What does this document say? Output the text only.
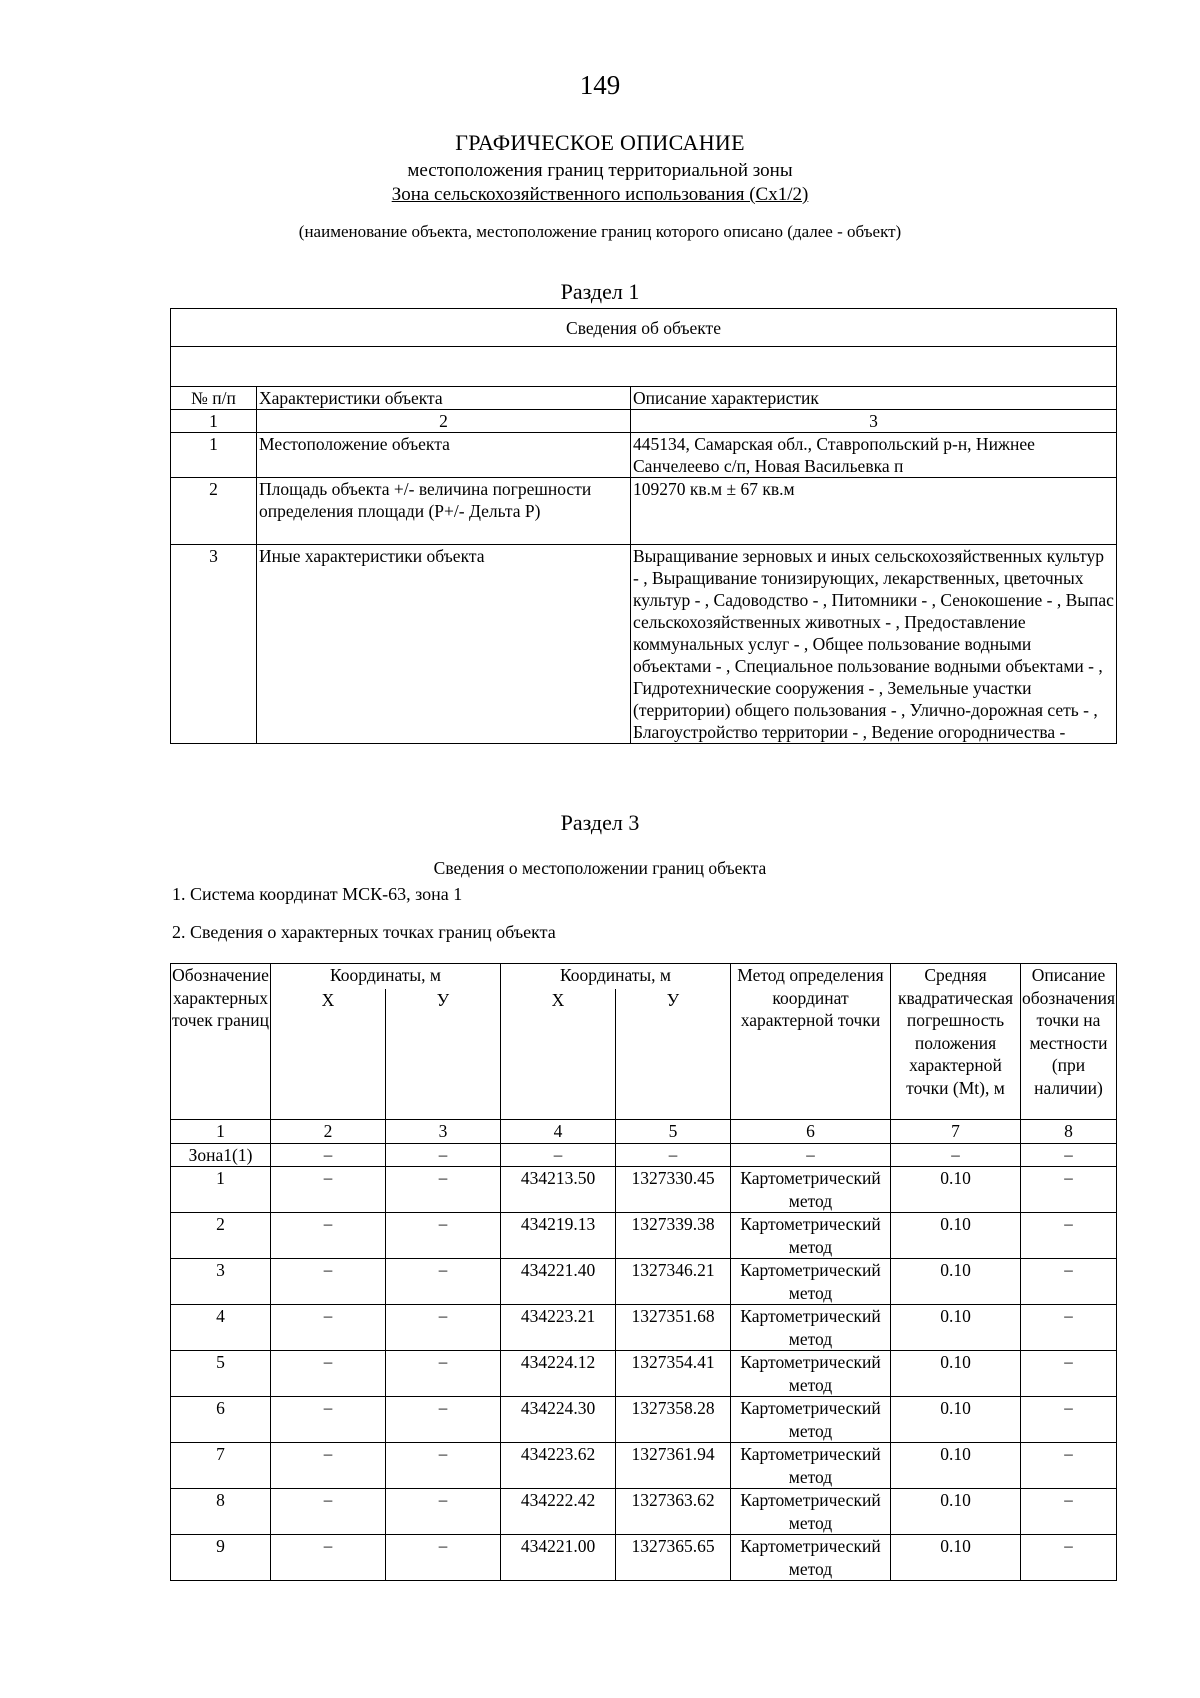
149
ГРАФИЧЕСКОЕ ОПИСАНИЕ
местоположения границ территориальной зоны
Зона сельскохозяйственного использования (Сх1/2)
(наименование объекта, местоположение границ которого описано (далее - объект)
Раздел 1
Сведения об объекте		

№ п/п	Характеристики объекта	Описание характеристик
1	2	3
1	Местоположение объекта	445134, Самарская обл., Ставропольский р-н, Нижнее Санчелеево с/п, Новая Васильевка п
2	Площадь объекта +/- величина погрешности определения площади (P+/- Дельта P)	109270 кв.м ± 67 кв.м
3	Иные характеристики объекта	Выращивание зерновых и иных сельскохозяйственных культур - , Выращивание тонизирующих, лекарственных, цветочных культур - , Садоводство - , Питомники - , Сенокошение - , Выпас сельскохозяйственных животных - , Предоставление коммунальных услуг - , Общее пользование водными объектами - , Специальное пользование водными объектами - , Гидротехнические сооружения - , Земельные участки (территории) общего пользования - , Улично-дорожная сеть - , Благоустройство территории - , Ведение огородничества -
Раздел 3
Сведения о местоположении границ объекта
1. Система координат МСК-63, зона 1
2. Сведения о характерных точках границ объекта
Обозначение характерных точек границ	Координаты, м		Координаты, м		Метод определения координат характерной точки	Средняя квадратическая погрешность положения характерной точки (Мt), м	Описание обозначения точки на местности (при наличии)
	X	У	X	У			
1	2	3	4	5	6	7	8
Зона1(1)	–	–	–	–	–	–	–
1	–	–	434213.50	1327330.45	Картометрический метод	0.10	–
2	–	–	434219.13	1327339.38	Картометрический метод	0.10	–
3	–	–	434221.40	1327346.21	Картометрический метод	0.10	–
4	–	–	434223.21	1327351.68	Картометрический метод	0.10	–
5	–	–	434224.12	1327354.41	Картометрический метод	0.10	–
6	–	–	434224.30	1327358.28	Картометрический метод	0.10	–
7	–	–	434223.62	1327361.94	Картометрический метод	0.10	–
8	–	–	434222.42	1327363.62	Картометрический метод	0.10	–
9	–	–	434221.00	1327365.65	Картометрический метод	0.10	–
